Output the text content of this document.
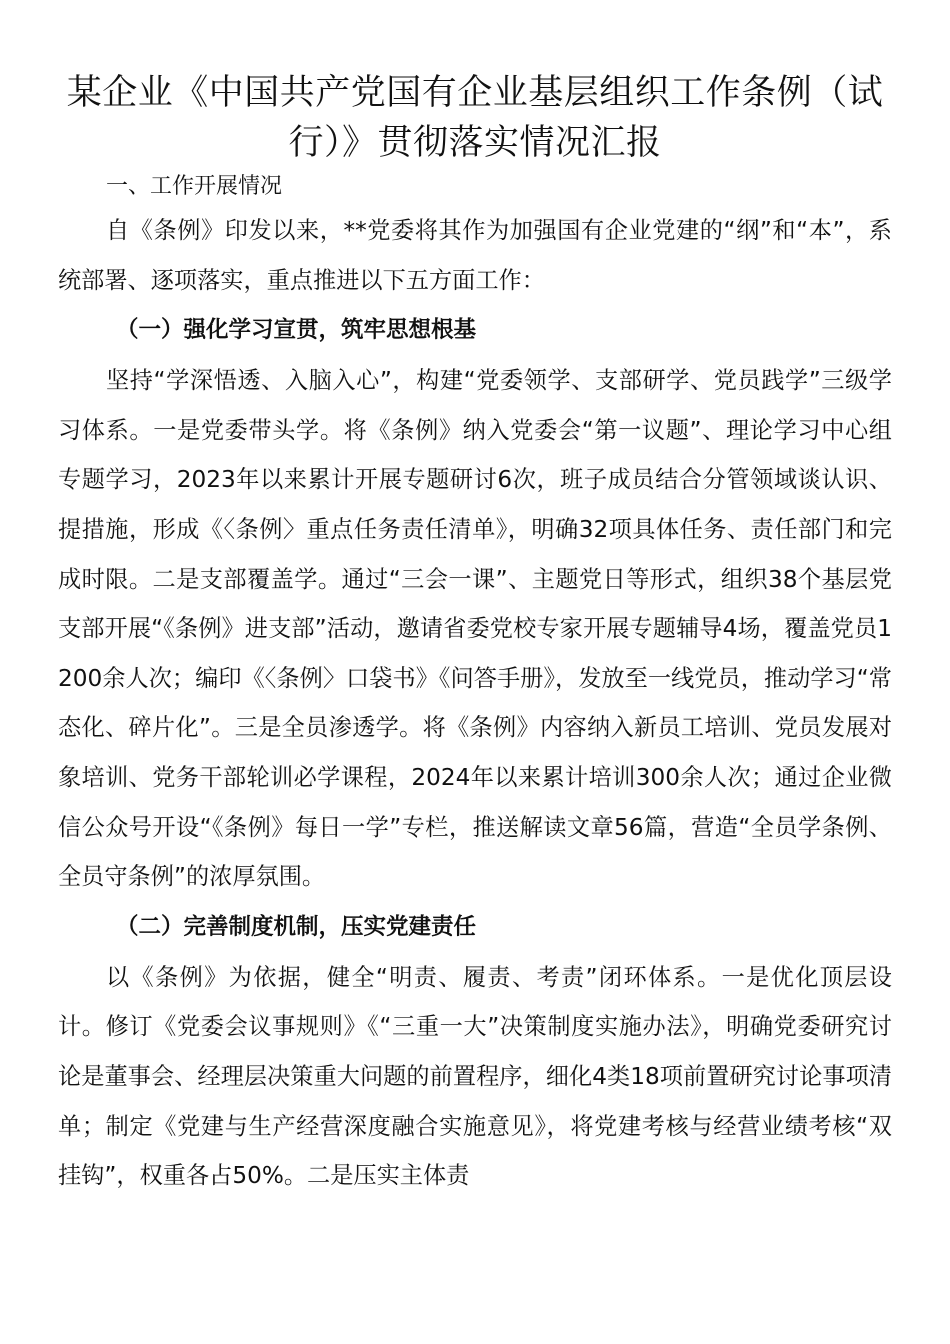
某企业《中国共产党国有企业基层组织工作条例（试行）》贯彻落实情况汇报

一、工作开展情况

自《条例》印发以来，**党委将其作为加强国有企业党建的“纲”和“本”，系统部署、逐项落实，重点推进以下五方面工作：

（一）强化学习宣贯，筑牢思想根基

坚持“学深悟透、入脑入心”，构建“党委领学、支部研学、党员践学”三级学习体系。一是党委带头学。将《条例》纳入党委会“第一议题”、理论学习中心组专题学习，2023年以来累计开展专题研讨6次，班子成员结合分管领域谈认识、提措施，形成《〈条例〉重点任务责任清单》，明确32项具体任务、责任部门和完成时限。二是支部覆盖学。通过“三会一课”、主题党日等形式，组织38个基层党支部开展“《条例》进支部”活动，邀请省委党校专家开展专题辅导4场，覆盖党员1200余人次；编印《〈条例〉口袋书》《问答手册》，发放至一线党员，推动学习“常态化、碎片化”。三是全员渗透学。将《条例》内容纳入新员工培训、党员发展对象培训、党务干部轮训必学课程，2024年以来累计培训300余人次；通过企业微信公众号开设“《条例》每日一学”专栏，推送解读文章56篇，营造“全员学条例、全员守条例”的浓厚氛围。

（二）完善制度机制，压实党建责任

以《条例》为依据，健全“明责、履责、考责”闭环体系。一是优化顶层设计。修订《党委会议事规则》《“三重一大”决策制度实施办法》，明确党委研究讨论是董事会、经理层决策重大问题的前置程序，细化4类18项前置研究讨论事项清单；制定《党建与生产经营深度融合实施意见》，将党建考核与经营业绩考核“双挂钩”，权重各占50%。二是压实主体责
